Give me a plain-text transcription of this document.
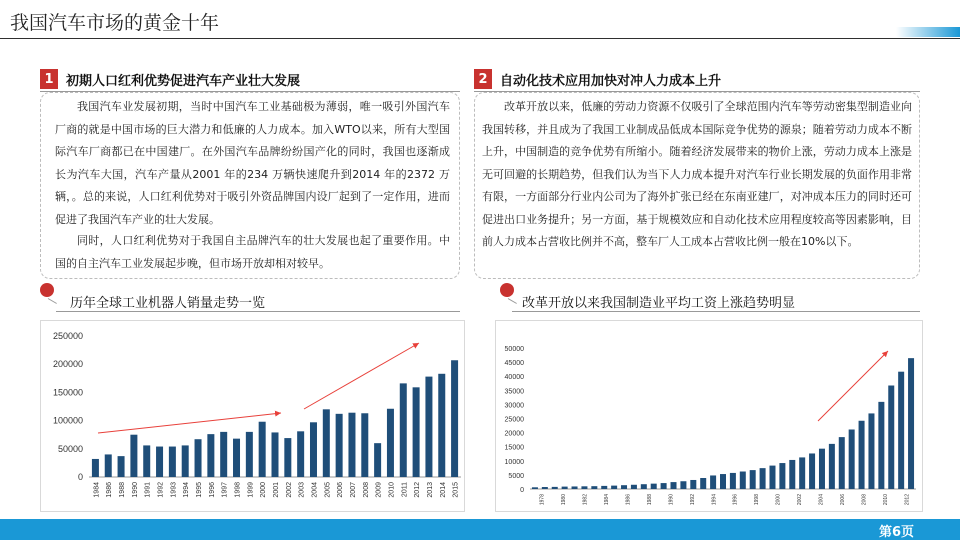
我国汽车市场的黄金十年
1 初期人口红利优势促进汽车产业壮大发展
我国汽车业发展初期，当时中国汽车工业基础极为薄弱，唯一吸引外国汽车厂商的就是中国市场的巨大潜力和低廉的人力成本。加入WTO以来，所有大型国际汽车厂商都已在中国建厂。在外国汽车品牌纷纷国产化的同时，我国也逐渐成长为汽车大国，汽车产量从2001 年的234 万辆快速爬升到2014 年的2372 万辆，。总的来说，人口红利优势对于吸引外资品牌国内设厂起到了一定作用，进而促进了我国汽车产业的壮大发展。
同时，人口红利优势对于我国自主品牌汽车的壮大发展也起了重要作用。中国的自主汽车工业发展起步晚，但市场开放却相对较早。
2 自动化技术应用加快对冲人力成本上升
改革开放以来，低廉的劳动力资源不仅吸引了全球范围内汽车等劳动密集型制造业向我国转移，并且成为了我国工业制成品低成本国际竞争优势的源泉；随着劳动力成本不断上升，中国制造的竞争优势有所缩小。随着经济发展带来的物价上涨，劳动力成本上涨是无可回避的长期趋势，但我们认为当下人力成本提升对汽车行业长期发展的负面作用非常有限，一方面部分行业内公司为了海外扩张已经在东南亚建厂，对冲成本压力的同时还可促进出口业务提升；另一方面，基于规模效应和自动化技术应用程度较高等因素影响，目前人力成本占营收比例并不高，整车厂人工成本占营收比例一般在10%以下。
历年全球工业机器人销量走势一览	改革开放以来我国制造业平均工资上涨趋势明显
0
50000
100000
150000
200000
250000
1984 1986 1988 1990 1991 1992 1993 1994 1995 1996 1997 1998 1999 2000 2001 2002 2003 2004 2005 2006 2007 2008 2009 2010 2011 2012 2013 2014 2015	0
5000
10000
15000
20000
25000
30000
35000
40000
45000
50000
1978	1980	1982	1984	1986	1988	1990	1992	1994	1996	1998	2000	2002	2004	2006	2008	2010	2012
第6页
